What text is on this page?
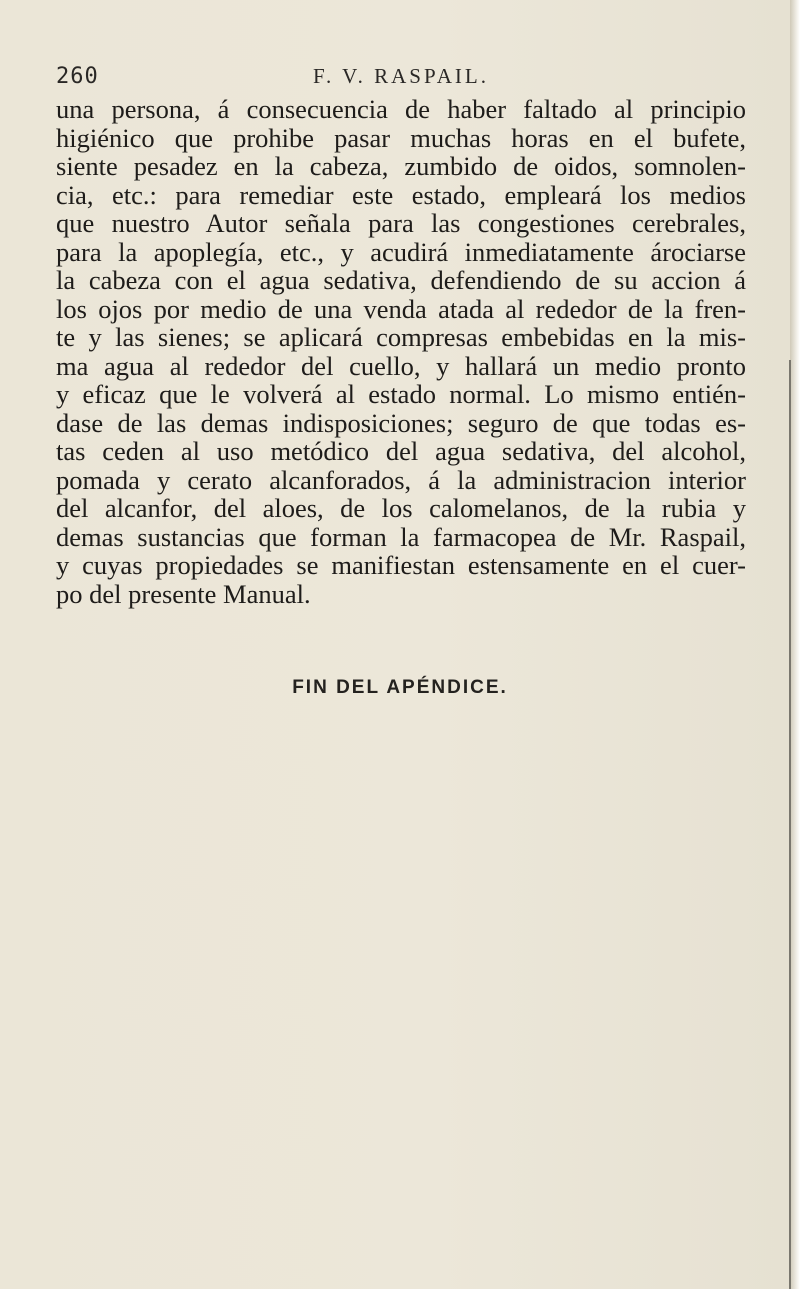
260	F. V. RASPAIL.

una persona, á consecuencia de haber faltado al principio
higiénico que prohibe pasar muchas horas en el bufete,
siente pesadez en la cabeza, zumbido de oidos, somnolen-
cia, etc.: para remediar este estado, empleará los medios
que nuestro Autor señala para las congestiones cerebrales,
para la apoplegía, etc., y acudirá inmediatamente árociarse
la cabeza con el agua sedativa, defendiendo de su accion á
los ojos por medio de una venda atada al rededor de la fren-
te y las sienes; se aplicará compresas embebidas en la mis-
ma agua al rededor del cuello, y hallará un medio pronto
y eficaz que le volverá al estado normal. Lo mismo entién-
dase de las demas indisposiciones; seguro de que todas es-
tas ceden al uso metódico del agua sedativa, del alcohol,
pomada y cerato alcanforados, á la administracion interior
del alcanfor, del aloes, de los calomelanos, de la rubia y
demas sustancias que forman la farmacopea de Mr. Raspail,
y cuyas propiedades se manifiestan estensamente en el cuer-
po del presente Manual.

FIN DEL APÉNDICE.
